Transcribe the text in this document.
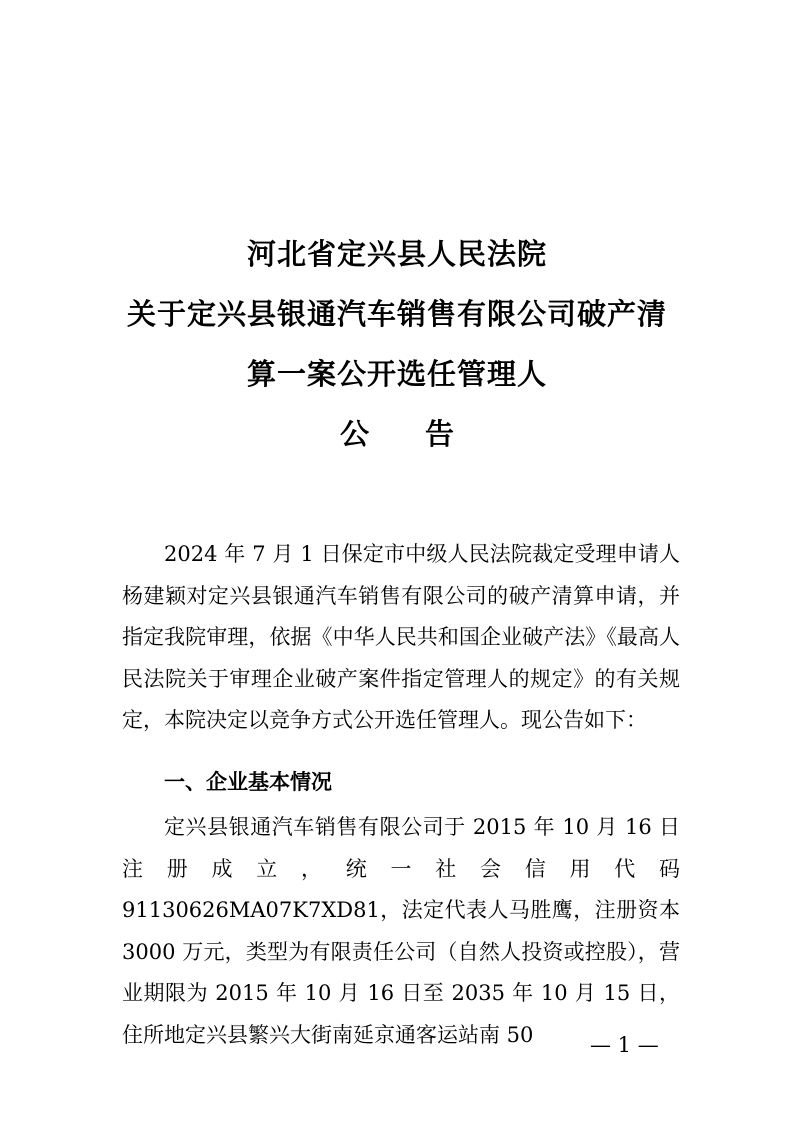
河北省定兴县人民法院
关于定兴县银通汽车销售有限公司破产清
算一案公开选任管理人
公告
2024 年 7 月 1 日保定市中级人民法院裁定受理申请人杨建颖对定兴县银通汽车销售有限公司的破产清算申请，并指定我院审理，依据《中华人民共和国企业破产法》《最高人民法院关于审理企业破产案件指定管理人的规定》的有关规定，本院决定以竞争方式公开选任管理人。现公告如下：
一、企业基本情况
定兴县银通汽车销售有限公司于 2015 年 10 月 16 日注册成立，统一社会信用代码 91130626MA07K7XD81，法定代表人马胜鹰，注册资本 3000 万元，类型为有限责任公司（自然人投资或控股），营业期限为 2015 年 10 月 16 日至 2035 年 10 月 15 日，住所地定兴县繁兴大街南延京通客运站南 50	— 1 —
